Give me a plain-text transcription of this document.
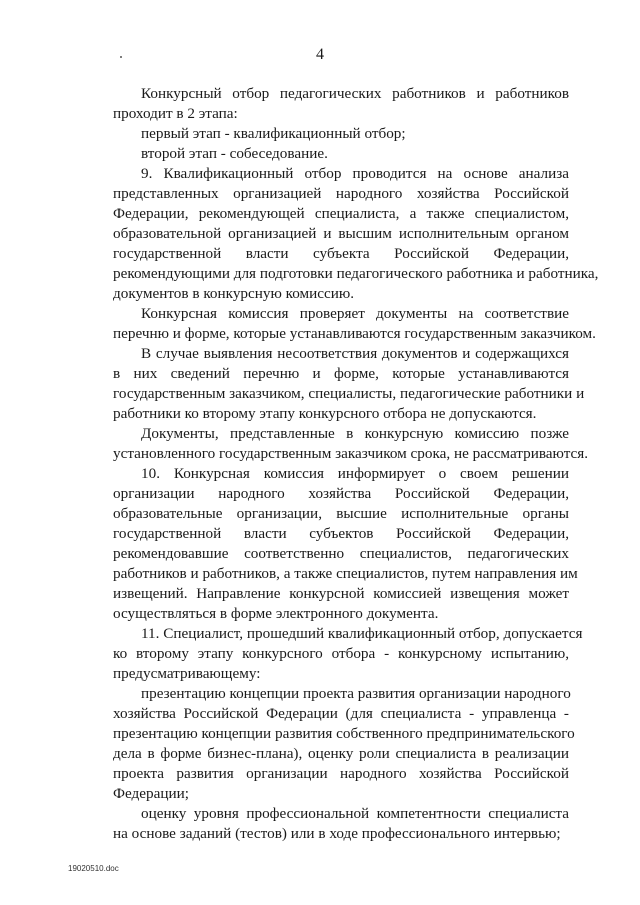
4
Конкурсный отбор педагогических работников и работников
проходит в 2 этапа:
первый этап - квалификационный отбор;
второй этап - собеседование.
9. Квалификационный отбор проводится на основе анализа
представленных организацией народного хозяйства Российской
Федерации, рекомендующей специалиста, а также специалистом,
образовательной организацией и высшим исполнительным органом
государственной власти субъекта Российской Федерации,
рекомендующими для подготовки педагогического работника и работника,
документов в конкурсную комиссию.
Конкурсная комиссия проверяет документы на соответствие
перечню и форме, которые устанавливаются государственным заказчиком.
В случае выявления несоответствия документов и содержащихся
в них сведений перечню и форме, которые устанавливаются
государственным заказчиком, специалисты, педагогические работники и
работники ко второму этапу конкурсного отбора не допускаются.
Документы, представленные в конкурсную комиссию позже
установленного государственным заказчиком срока, не рассматриваются.
10. Конкурсная комиссия информирует о своем решении
организации народного хозяйства Российской Федерации,
образовательные организации, высшие исполнительные органы
государственной власти субъектов Российской Федерации,
рекомендовавшие соответственно специалистов, педагогических
работников и работников, а также специалистов, путем направления им
извещений. Направление конкурсной комиссией извещения может
осуществляться в форме электронного документа.
11. Специалист, прошедший квалификационный отбор, допускается
ко второму этапу конкурсного отбора - конкурсному испытанию,
предусматривающему:
презентацию концепции проекта развития организации народного
хозяйства Российской Федерации (для специалиста - управленца -
презентацию концепции развития собственного предпринимательского
дела в форме бизнес-плана), оценку роли специалиста в реализации
проекта развития организации народного хозяйства Российской
Федерации;
оценку уровня профессиональной компетентности специалиста
на основе заданий (тестов) или в ходе профессионального интервью;
19020510.doc
